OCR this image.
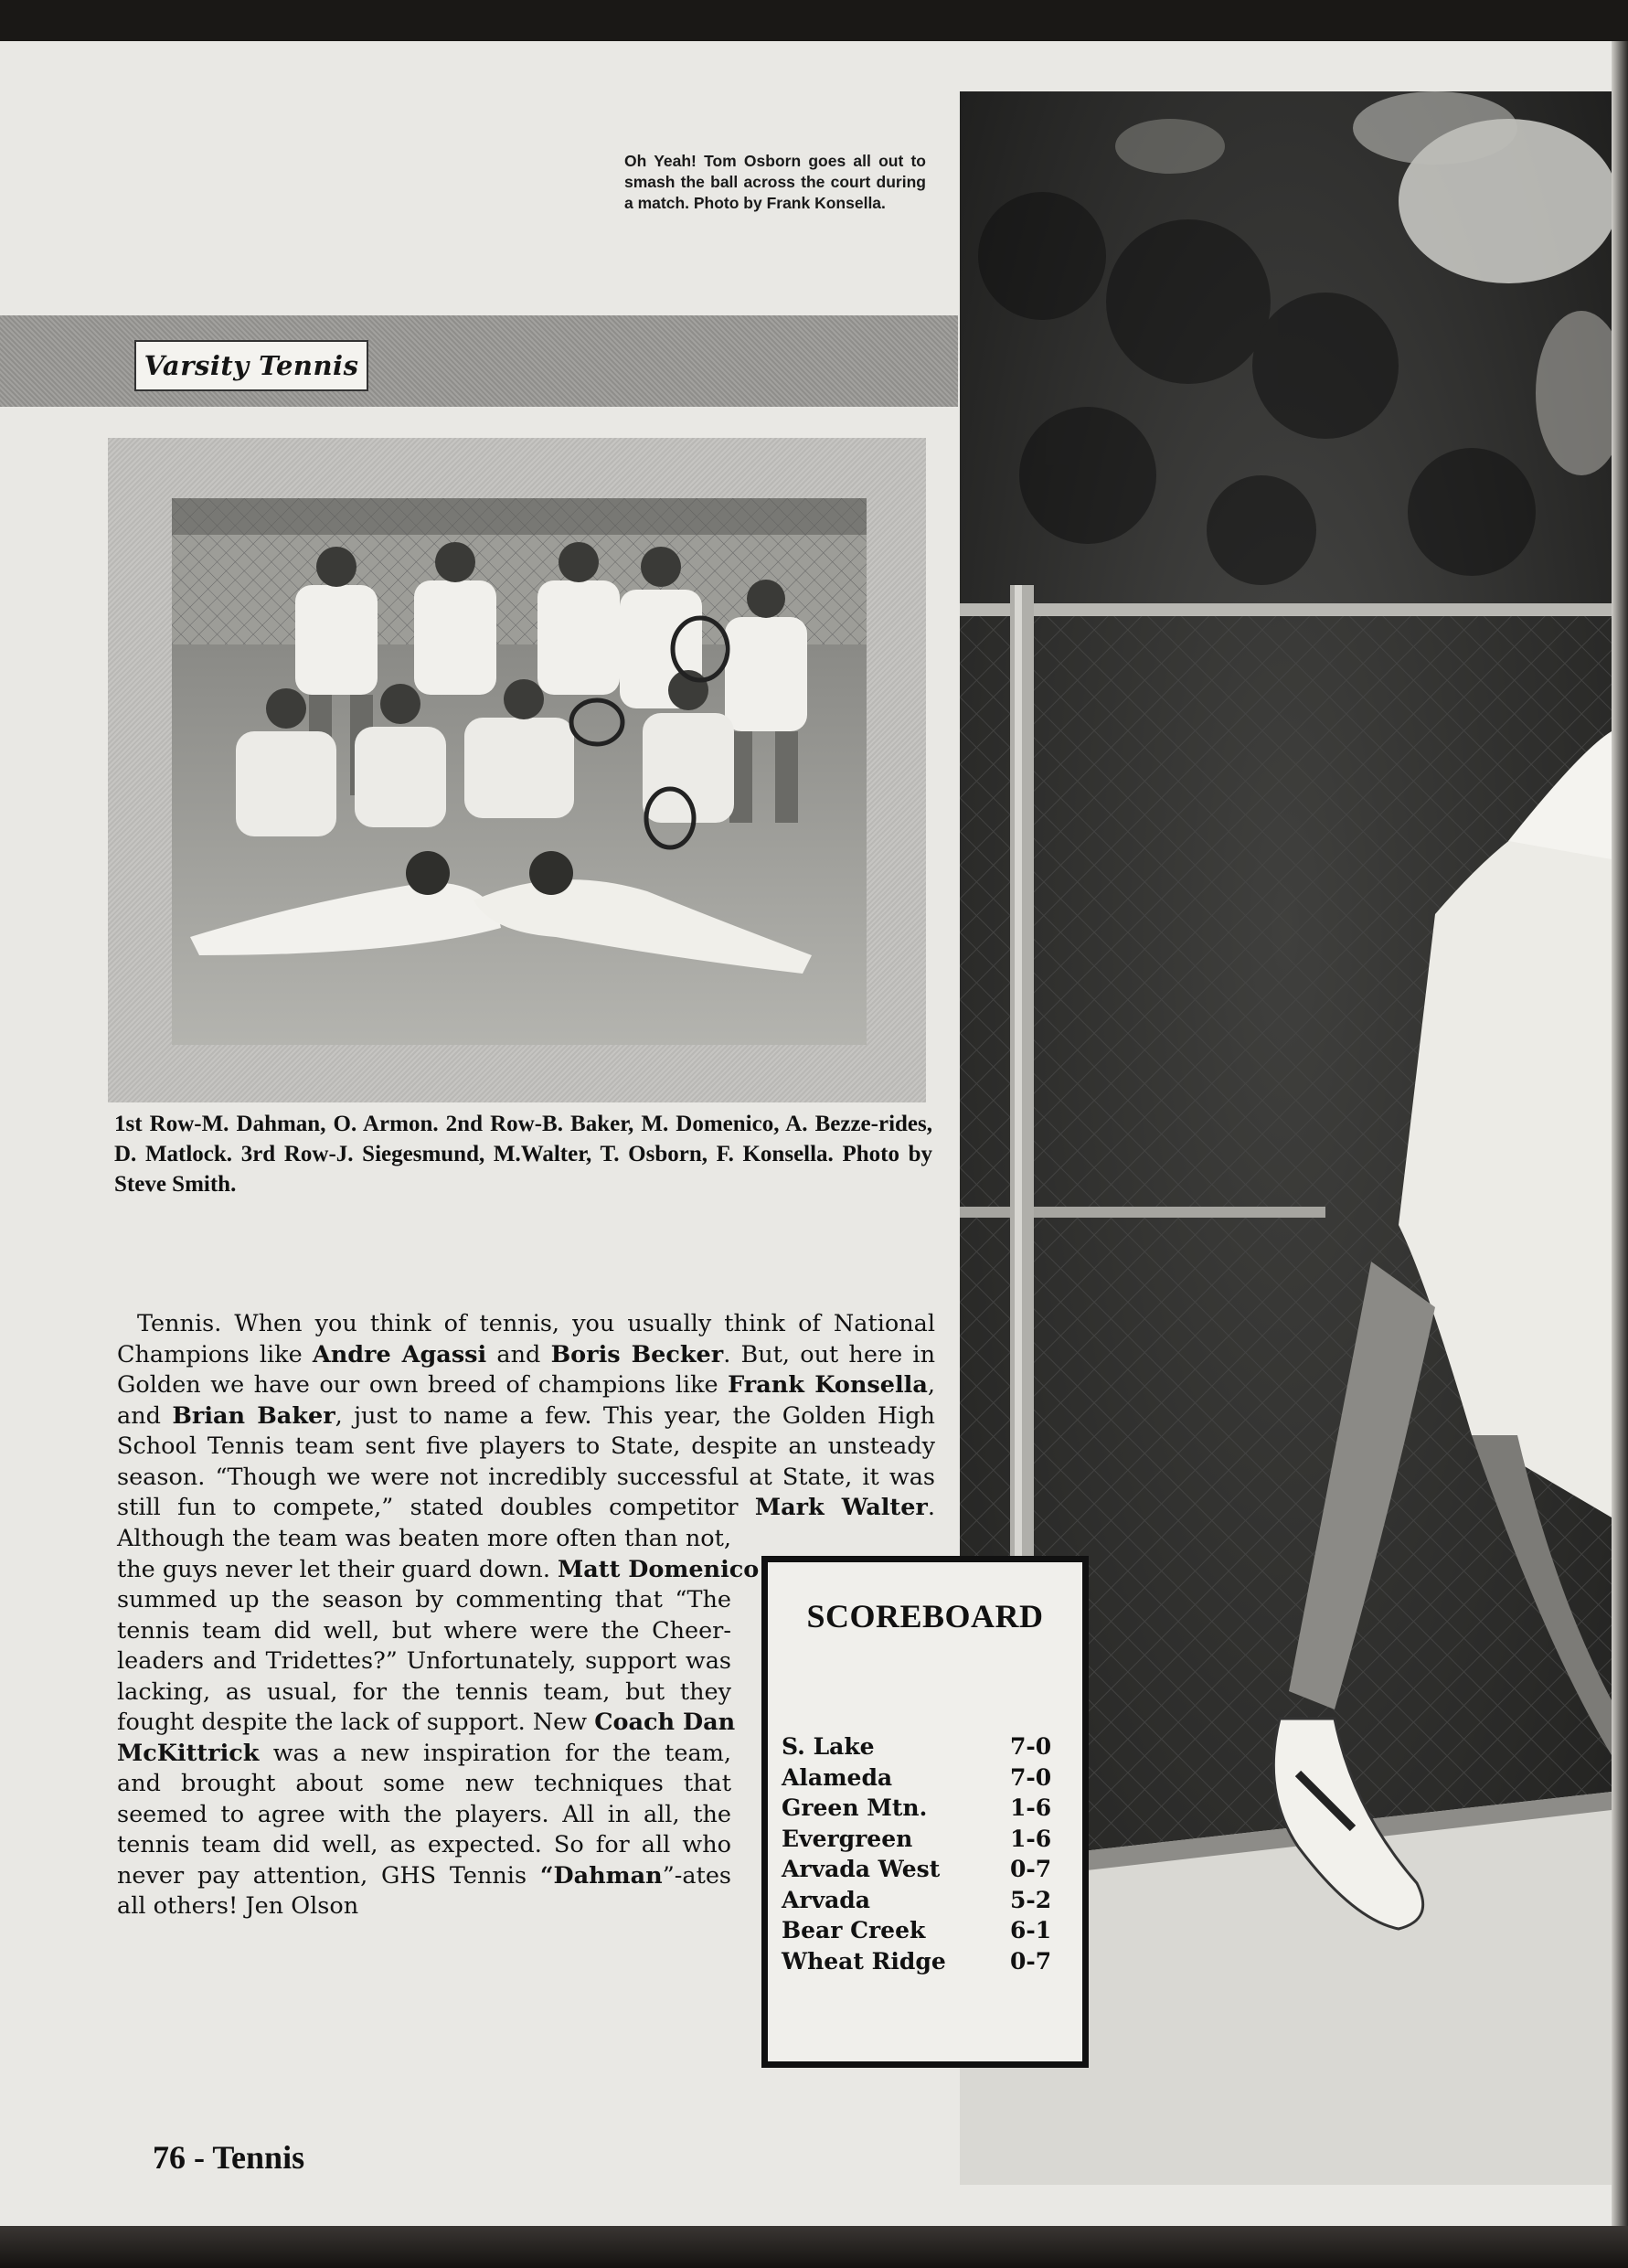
Oh Yeah! Tom Osborn goes all out to smash the ball across the court during a match. Photo by Frank Konsella.
Varsity Tennis
1st Row-M. Dahman, O. Armon. 2nd Row-B. Baker, M. Domenico, A. Bezze-rides, D. Matlock. 3rd Row-J. Siegesmund, M.Walter, T. Osborn, F. Konsella. Photo by Steve Smith.
Tennis. When you think of tennis, you usually think of National
Champions like Andre Agassi and Boris Becker. But, out here in
Golden we have our own breed of champions like Frank Konsella,
and Brian Baker, just to name a few. This year, the Golden High
School Tennis team sent five players to State, despite an unsteady
season. “Though we were not incredibly successful at State, it was
still fun to compete,” stated doubles competitor Mark Walter.
Although the team was beaten more often than not,
the guys never let their guard down. Matt Domenico
summed up the season by commenting that “The
tennis team did well, but where were the Cheer-
leaders and Tridettes?” Unfortunately, support was
lacking, as usual, for the tennis team, but they
fought despite the lack of support. New Coach Dan
McKittrick was a new inspiration for the team,
and brought about some new techniques that
seemed to agree with the players. All in all, the
tennis team did well, as expected. So for all who
never pay attention, GHS Tennis “Dahman”-ates
all others! Jen Olson
SCOREBOARD
S. Lake	7-0
Alameda	7-0
Green Mtn.	1-6
Evergreen	1-6
Arvada West	0-7
Arvada	5-2
Bear Creek	6-1
Wheat Ridge	0-7
76 - Tennis
